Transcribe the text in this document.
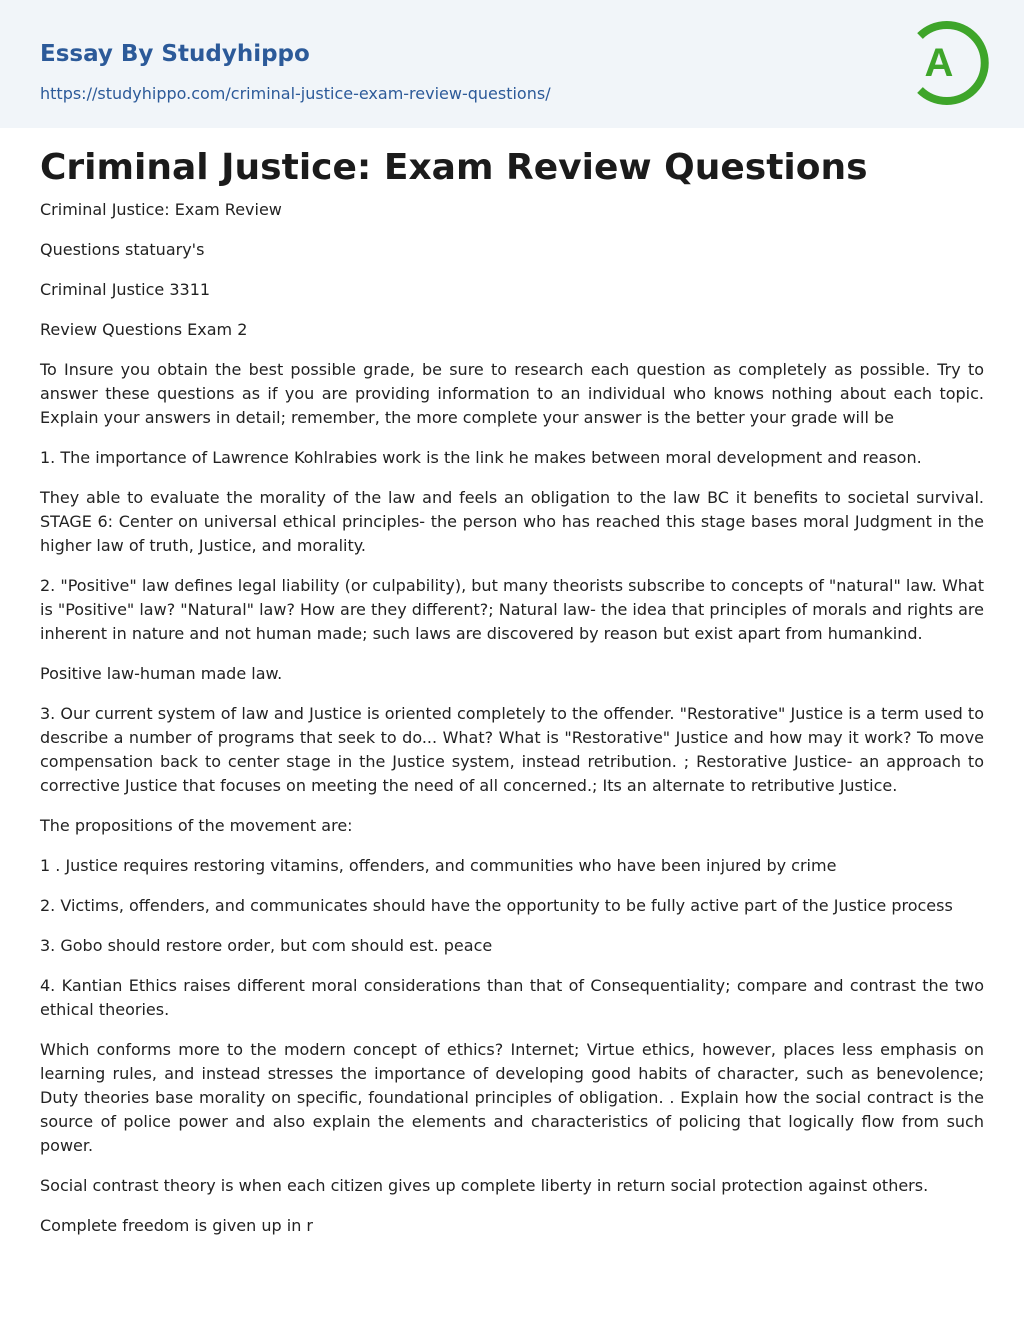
Essay By Studyhippo
https://studyhippo.com/criminal-justice-exam-review-questions/
A
Criminal Justice: Exam Review Questions

Criminal Justice: Exam Review

Questions statuary's

Criminal Justice 3311

Review Questions Exam 2

To Insure you obtain the best possible grade, be sure to research each question as completely as possible. Try to answer these questions as if you are providing information to an individual who knows nothing about each topic. Explain your answers in detail; remember, the more complete your answer is the better your grade will be

1. The importance of Lawrence Kohlrabies work is the link he makes between moral development and reason.

They able to evaluate the morality of the law and feels an obligation to the law BC it benefits to societal survival. STAGE 6: Center on universal ethical principles- the person who has reached this stage bases moral Judgment in the higher law of truth, Justice, and morality.

2. "Positive" law defines legal liability (or culpability), but many theorists subscribe to concepts of "natural" law. What is "Positive" law? "Natural" law? How are they different?; Natural law- the idea that principles of morals and rights are inherent in nature and not human made; such laws are discovered by reason but exist apart from humankind.

Positive law-human made law.

3. Our current system of law and Justice is oriented completely to the offender. "Restorative" Justice is a term used to describe a number of programs that seek to do... What? What is "Restorative" Justice and how may it work? To move compensation back to center stage in the Justice system, instead retribution. ; Restorative Justice- an approach to corrective Justice that focuses on meeting the need of all concerned.; Its an alternate to retributive Justice.

The propositions of the movement are:

1 . Justice requires restoring vitamins, offenders, and communities who have been injured by crime

2. Victims, offenders, and communicates should have the opportunity to be fully active part of the Justice process

3. Gobo should restore order, but com should est. peace

4. Kantian Ethics raises different moral considerations than that of Consequentiality; compare and contrast the two ethical theories.

Which conforms more to the modern concept of ethics? Internet; Virtue ethics, however, places less emphasis on learning rules, and instead stresses the importance of developing good habits of character, such as benevolence; Duty theories base morality on specific, foundational principles of obligation. . Explain how the social contract is the source of police power and also explain the elements and characteristics of policing that logically flow from such power.

Social contrast theory is when each citizen gives up complete liberty in return social protection against others.

Complete freedom is given up in r
